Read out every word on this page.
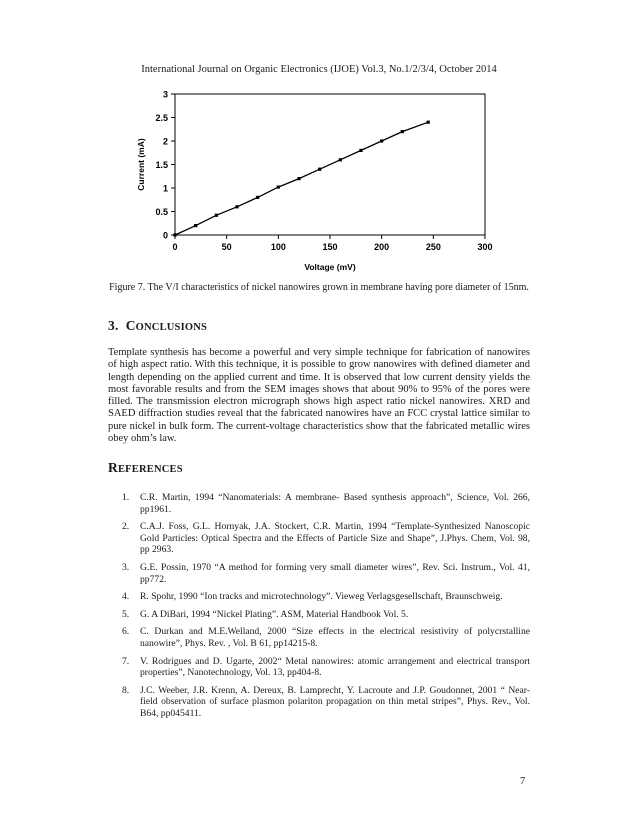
International Journal on Organic Electronics (IJOE) Vol.3, No.1/2/3/4, October 2014
0
0.5
1
1.5
2
2.5
3
0	50	100	150	200	250	300
Voltage (mV)
Current (mA)
Figure 7. The V/I characteristics of nickel nanowires grown in membrane having pore diameter of 15nm.
3. CONCLUSIONS
Template synthesis has become a powerful and very simple technique for fabrication of nanowires of high aspect ratio. With this technique, it is possible to grow nanowires with defined diameter and length depending on the applied current and time. It is observed that low current density yields the most favorable results and from the SEM images shows that about 90% to 95% of the pores were filled. The transmission electron micrograph shows high aspect ratio nickel nanowires. XRD and SAED diffraction studies reveal that the fabricated nanowires have an FCC crystal lattice similar to pure nickel in bulk form. The current-voltage characteristics show that the fabricated metallic wires obey ohm’s law.
REFERENCES
1.	C.R. Martin, 1994 “Nanomaterials: A membrane- Based synthesis approach”, Science, Vol. 266, pp1961.
2.	C.A.J. Foss, G.L. Hornyak, J.A. Stockert, C.R. Martin, 1994 “Template-Synthesized Nanoscopic Gold Particles: Optical Spectra and the Effects of Particle Size and Shape”, J.Phys. Chem, Vol. 98, pp 2963.
3.	G.E. Possin, 1970 “A method for forming very small diameter wires”, Rev. Sci. Instrum., Vol. 41, pp772.
4.	R. Spohr, 1990 “Ion tracks and microtechnology”. Vieweg Verlagsgesellschaft, Braunschweig.
5.	G. A DiBari, 1994 “Nickel Plating”. ASM, Material Handbook Vol. 5.
6.	C. Durkan and M.E.Welland, 2000 “Size effects in the electrical resistivity of polycrstalline nanowire”, Phys. Rev. , Vol. B 61, pp14215-8.
7.	V. Rodrigues and D. Ugarte, 2002“ Metal nanowires: atomic arrangement and electrical transport properties”, Nanotechnology, Vol. 13, pp404-8.
8.	J.C. Weeber, J.R. Krenn, A. Dereux, B. Lamprecht, Y. Lacroute and J.P. Goudonnet, 2001 “ Near-field observation of surface plasmon polariton propagation on thin metal stripes”, Phys. Rev., Vol. B64, pp045411.
7
